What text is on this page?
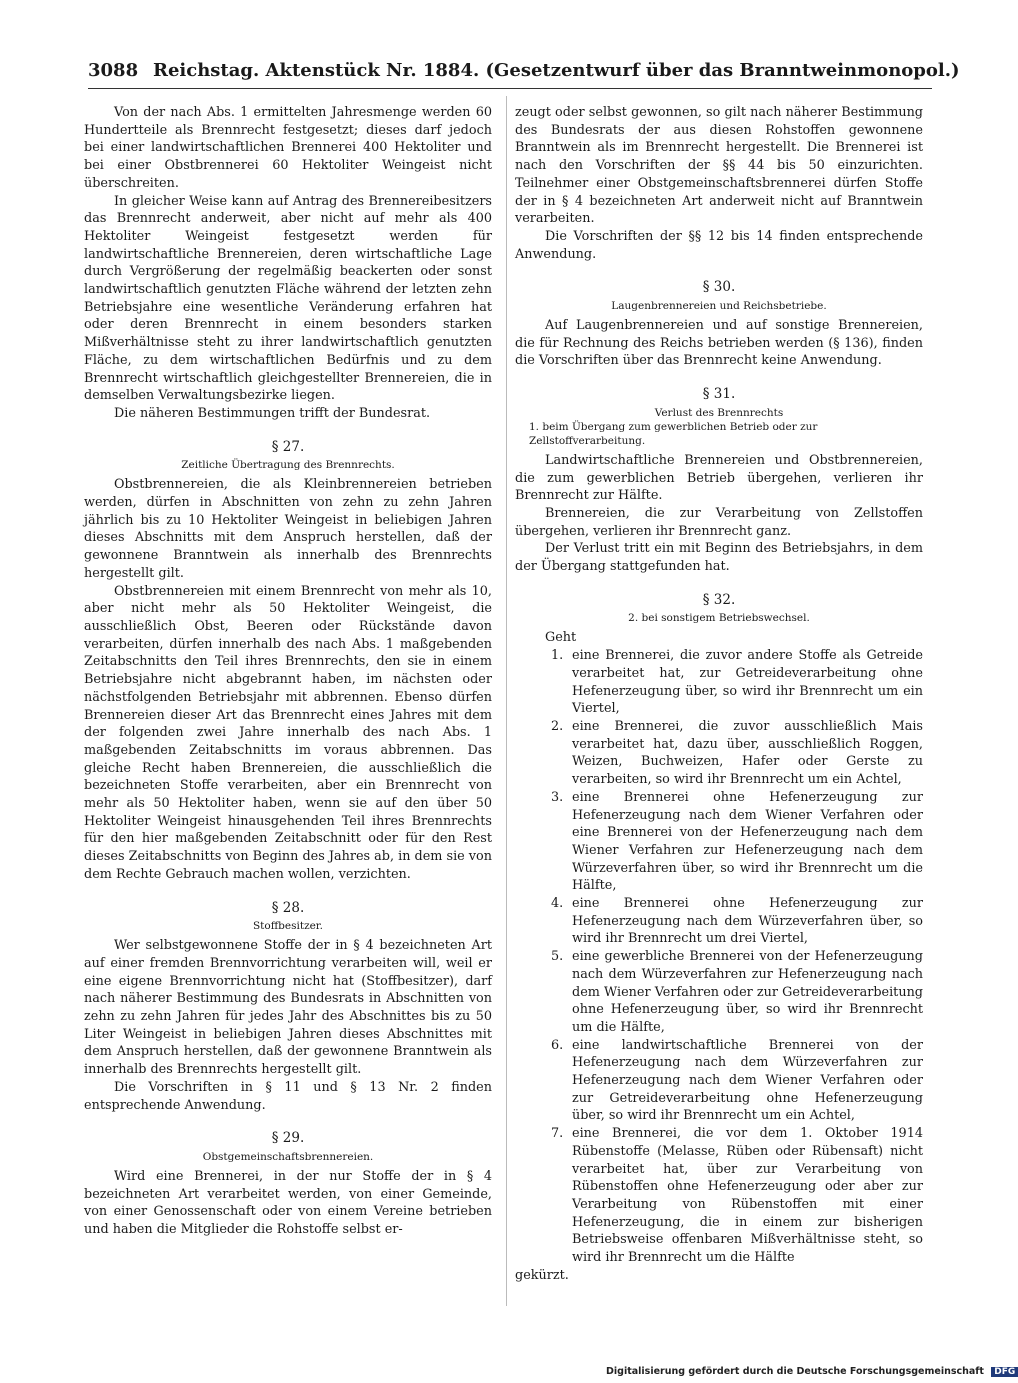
3088 Reichstag. Aktenstück Nr. 1884. (Gesetzentwurf über das Branntweinmonopol.)

Von der nach Abs. 1 ermittelten Jahresmenge werden 60 Hundertteile als Brennrecht festgesetzt; dieses darf jedoch bei einer landwirtschaftlichen Brennerei 400 Hektoliter und bei einer Obstbrennerei 60 Hektoliter Weingeist nicht überschreiten.

In gleicher Weise kann auf Antrag des Brennereibesitzers das Brennrecht anderweit, aber nicht auf mehr als 400 Hektoliter Weingeist festgesetzt werden für landwirtschaftliche Brennereien, deren wirtschaftliche Lage durch Vergrößerung der regelmäßig beackerten oder sonst landwirtschaftlich genutzten Fläche während der letzten zehn Betriebsjahre eine wesentliche Veränderung erfahren hat oder deren Brennrecht in einem besonders starken Mißverhältnisse steht zu ihrer landwirtschaftlich genutzten Fläche, zu dem wirtschaftlichen Bedürfnis und zu dem Brennrecht wirtschaftlich gleichgestellter Brennereien, die in demselben Verwaltungsbezirke liegen.

Die näheren Bestimmungen trifft der Bundesrat.

§ 27.
Zeitliche Übertragung des Brennrechts.

Obstbrennereien, die als Kleinbrennereien betrieben werden, dürfen in Abschnitten von zehn zu zehn Jahren jährlich bis zu 10 Hektoliter Weingeist in beliebigen Jahren dieses Abschnitts mit dem Anspruch herstellen, daß der gewonnene Branntwein als innerhalb des Brennrechts hergestellt gilt.

Obstbrennereien mit einem Brennrecht von mehr als 10, aber nicht mehr als 50 Hektoliter Weingeist, die ausschließlich Obst, Beeren oder Rückstände davon verarbeiten, dürfen innerhalb des nach Abs. 1 maßgebenden Zeitabschnitts den Teil ihres Brennrechts, den sie in einem Betriebsjahre nicht abgebrannt haben, im nächsten oder nächstfolgenden Betriebsjahr mit abbrennen. Ebenso dürfen Brennereien dieser Art das Brennrecht eines Jahres mit dem der folgenden zwei Jahre innerhalb des nach Abs. 1 maßgebenden Zeitabschnitts im voraus abbrennen. Das gleiche Recht haben Brennereien, die ausschließlich die bezeichneten Stoffe verarbeiten, aber ein Brennrecht von mehr als 50 Hektoliter haben, wenn sie auf den über 50 Hektoliter Weingeist hinausgehenden Teil ihres Brennrechts für den hier maßgebenden Zeitabschnitt oder für den Rest dieses Zeitabschnitts von Beginn des Jahres ab, in dem sie von dem Rechte Gebrauch machen wollen, verzichten.

§ 28.
Stoffbesitzer.

Wer selbstgewonnene Stoffe der in § 4 bezeichneten Art auf einer fremden Brennvorrichtung verarbeiten will, weil er eine eigene Brennvorrichtung nicht hat (Stoffbesitzer), darf nach näherer Bestimmung des Bundesrats in Abschnitten von zehn zu zehn Jahren für jedes Jahr des Abschnittes bis zu 50 Liter Weingeist in beliebigen Jahren dieses Abschnittes mit dem Anspruch herstellen, daß der gewonnene Branntwein als innerhalb des Brennrechts hergestellt gilt.

Die Vorschriften in § 11 und § 13 Nr. 2 finden entsprechende Anwendung.

§ 29.
Obstgemeinschaftsbrennereien.

Wird eine Brennerei, in der nur Stoffe der in § 4 bezeichneten Art verarbeitet werden, von einer Gemeinde, von einer Genossenschaft oder von einem Vereine betrieben und haben die Mitglieder die Rohstoffe selbst er-

zeugt oder selbst gewonnen, so gilt nach näherer Bestimmung des Bundesrats der aus diesen Rohstoffen gewonnene Branntwein als im Brennrecht hergestellt. Die Brennerei ist nach den Vorschriften der §§ 44 bis 50 einzurichten. Teilnehmer einer Obstgemeinschaftsbrennerei dürfen Stoffe der in § 4 bezeichneten Art anderweit nicht auf Branntwein verarbeiten.

Die Vorschriften der §§ 12 bis 14 finden entsprechende Anwendung.

§ 30.
Laugenbrennereien und Reichsbetriebe.

Auf Laugenbrennereien und auf sonstige Brennereien, die für Rechnung des Reichs betrieben werden (§ 136), finden die Vorschriften über das Brennrecht keine Anwendung.

§ 31.
Verlust des Brennrechts
1. beim Übergang zum gewerblichen Betrieb oder zur Zellstoffverarbeitung.

Landwirtschaftliche Brennereien und Obstbrennereien, die zum gewerblichen Betrieb übergehen, verlieren ihr Brennrecht zur Hälfte.

Brennereien, die zur Verarbeitung von Zellstoffen übergehen, verlieren ihr Brennrecht ganz.

Der Verlust tritt ein mit Beginn des Betriebsjahrs, in dem der Übergang stattgefunden hat.

§ 32.
2. bei sonstigem Betriebswechsel.

Geht

1. eine Brennerei, die zuvor andere Stoffe als Getreide verarbeitet hat, zur Getreideverarbeitung ohne Hefenerzeugung über, so wird ihr Brennrecht um ein Viertel,
2. eine Brennerei, die zuvor ausschließlich Mais verarbeitet hat, dazu über, ausschließlich Roggen, Weizen, Buchweizen, Hafer oder Gerste zu verarbeiten, so wird ihr Brennrecht um ein Achtel,
3. eine Brennerei ohne Hefenerzeugung zur Hefenerzeugung nach dem Wiener Verfahren oder eine Brennerei von der Hefenerzeugung nach dem Wiener Verfahren zur Hefenerzeugung nach dem Würzeverfahren über, so wird ihr Brennrecht um die Hälfte,
4. eine Brennerei ohne Hefenerzeugung zur Hefenerzeugung nach dem Würzeverfahren über, so wird ihr Brennrecht um drei Viertel,
5. eine gewerbliche Brennerei von der Hefenerzeugung nach dem Würzeverfahren zur Hefenerzeugung nach dem Wiener Verfahren oder zur Getreideverarbeitung ohne Hefenerzeugung über, so wird ihr Brennrecht um die Hälfte,
6. eine landwirtschaftliche Brennerei von der Hefenerzeugung nach dem Würzeverfahren zur Hefenerzeugung nach dem Wiener Verfahren oder zur Getreideverarbeitung ohne Hefenerzeugung über, so wird ihr Brennrecht um ein Achtel,
7. eine Brennerei, die vor dem 1. Oktober 1914 Rübenstoffe (Melasse, Rüben oder Rübensaft) nicht verarbeitet hat, über zur Verarbeitung von Rübenstoffen ohne Hefenerzeugung oder aber zur Verarbeitung von Rübenstoffen mit einer Hefenerzeugung, die in einem zur bisherigen Betriebsweise offenbaren Mißverhältnisse steht, so wird ihr Brennrecht um die Hälfte

gekürzt.

Digitalisierung gefördert durch die Deutsche Forschungsgemeinschaft DFG
